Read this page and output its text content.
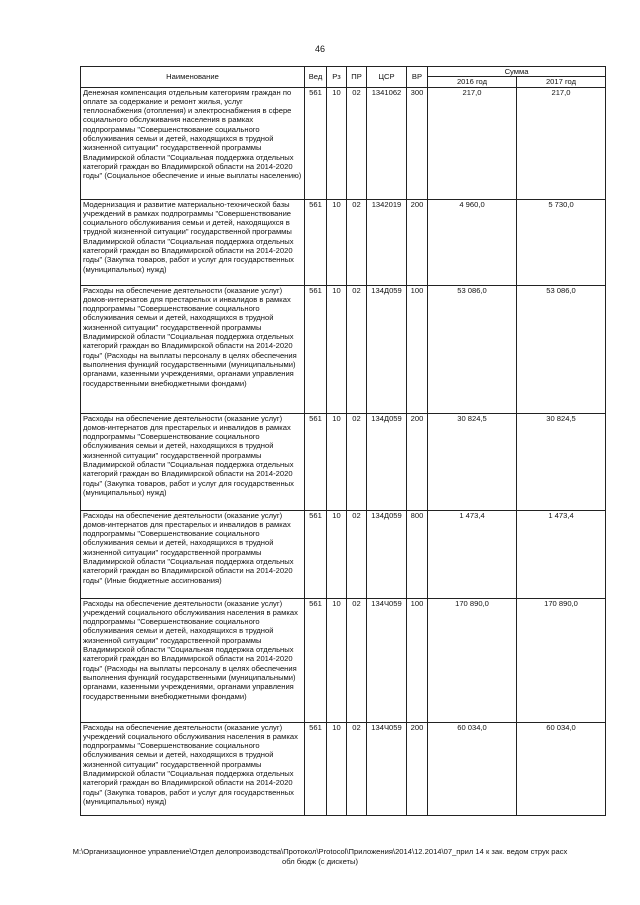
46
Наименование	Вед	Рз	ПР	ЦСР	ВР	Сумма	
						2016 год	2017 год
Денежная компенсация отдельным категориям граждан по оплате за содержание и ремонт жилья, услуг теплоснабжения (отопления) и электроснабжения в сфере социального обслуживания населения в рамках подпрограммы "Совершенствование социального обслуживания семьи и детей, находящихся в трудной жизненной ситуации" государственной программы Владимирской области "Социальная поддержка отдельных категорий граждан во Владимирской области на 2014-2020 годы" (Социальное обеспечение и иные выплаты населению)	561	10	02	1341062	300	217,0	217,0
Модернизация и развитие материально-технической базы учреждений в рамках подпрограммы "Совершенствование социального обслуживания семьи и детей, находящихся в трудной жизненной ситуации" государственной программы Владимирской области "Социальная поддержка отдельных категорий граждан во Владимирской области на 2014-2020 годы" (Закупка товаров, работ и услуг для государственных (муниципальных) нужд)	561	10	02	1342019	200	4 960,0	5 730,0
Расходы на обеспечение деятельности (оказание услуг) домов-интернатов для престарелых и инвалидов в рамках подпрограммы "Совершенствование социального обслуживания семьи и детей, находящихся в трудной жизненной ситуации" государственной программы Владимирской области "Социальная поддержка отдельных категорий граждан во Владимирской области на 2014-2020 годы" (Расходы на выплаты персоналу в целях обеспечения выполнения функций государственными (муниципальными) органами, казенными учреждениями, органами управления государственными внебюджетными фондами)	561	10	02	134Д059	100	53 086,0	53 086,0
Расходы на обеспечение деятельности (оказание услуг) домов-интернатов для престарелых и инвалидов в рамках подпрограммы "Совершенствование социального обслуживания семьи и детей, находящихся в трудной жизненной ситуации" государственной программы Владимирской области "Социальная поддержка отдельных категорий граждан во Владимирской области на 2014-2020 годы" (Закупка товаров, работ и услуг для государственных (муниципальных) нужд)	561	10	02	134Д059	200	30 824,5	30 824,5
Расходы на обеспечение деятельности (оказание услуг) домов-интернатов для престарелых и инвалидов в рамках подпрограммы "Совершенствование социального обслуживания семьи и детей, находящихся в трудной жизненной ситуации" государственной программы Владимирской области "Социальная поддержка отдельных категорий граждан во Владимирской области на 2014-2020 годы" (Иные бюджетные ассигнования)	561	10	02	134Д059	800	1 473,4	1 473,4
Расходы на обеспечение деятельности (оказание услуг) учреждений социального обслуживания населения в рамках подпрограммы "Совершенствование социального обслуживания семьи и детей, находящихся в трудной жизненной ситуации" государственной программы Владимирской области "Социальная поддержка отдельных категорий граждан во Владимирской области на 2014-2020 годы" (Расходы на выплаты персоналу в целях обеспечения выполнения функций государственными (муниципальными) органами, казенными учреждениями, органами управления государственными внебюджетными фондами)	561	10	02	134Ч059	100	170 890,0	170 890,0
Расходы на обеспечение деятельности (оказание услуг) учреждений социального обслуживания населения в рамках подпрограммы "Совершенствование социального обслуживания семьи и детей, находящихся в трудной жизненной ситуации" государственной программы Владимирской области "Социальная поддержка отдельных категорий граждан во Владимирской области на 2014-2020 годы" (Закупка товаров, работ и услуг для государственных (муниципальных) нужд)	561	10	02	134Ч059	200	60 034,0	60 034,0
М:\Организационное управление\Отдел делопроизводства\Протокол\Protocol\Приложения\2014\12.2014\07_прил 14 к зак. ведом струк расх
обл бюдж (с дискеты)
